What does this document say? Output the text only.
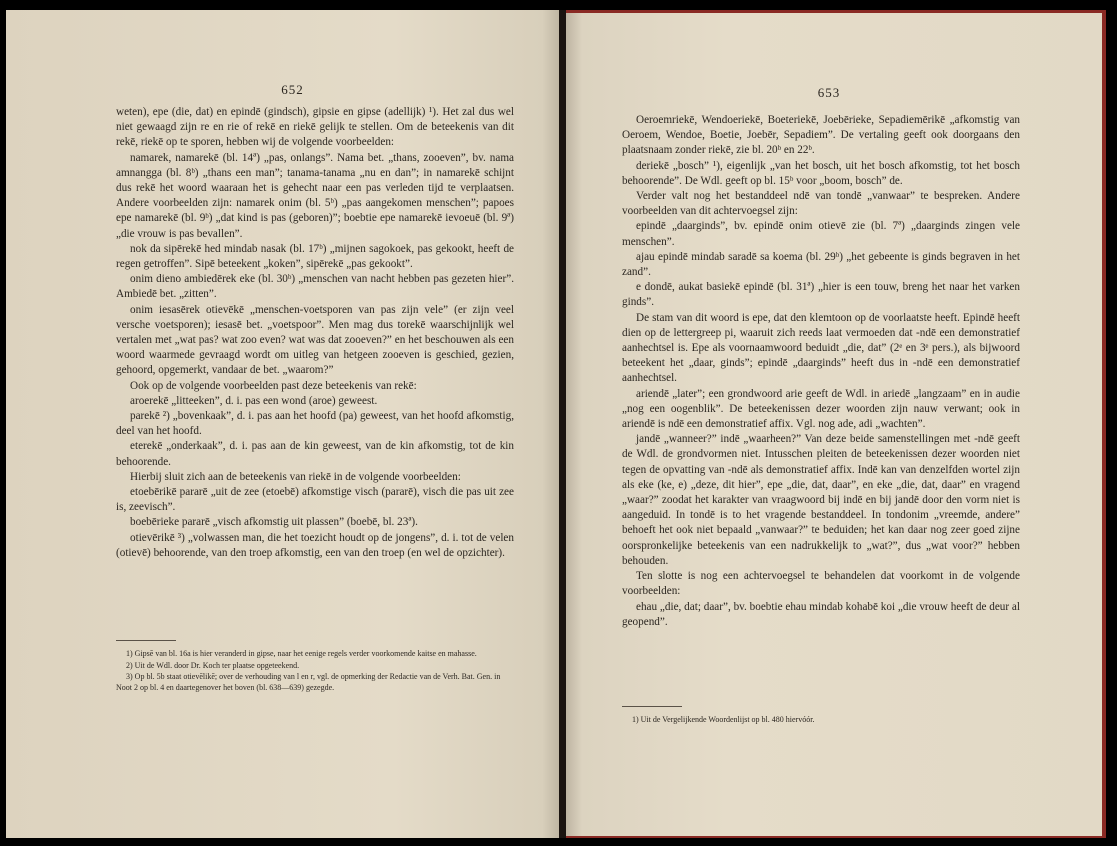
652

weten), epe (die, dat) en epindē (gindsch), gipsie en gipse (adellijk) ¹). Het zal dus wel niet gewaagd zijn re en rie of rekē en riekē gelijk te stellen. Om de beteekenis van dit rekē, riekē op te sporen, hebben wij de volgende voorbeelden:

namarek, namarekē (bl. 14ª) „pas, onlangs”. Nama bet. „thans, zooeven”, bv. nama amnangga (bl. 8ᵇ) „thans een man”; tanama-tanama „nu en dan”; in namarekē schijnt dus rekē het woord waaraan het is gehecht naar een pas verleden tijd te verplaatsen. Andere voorbeelden zijn: namarek onim (bl. 5ᵇ) „pas aangekomen menschen”; papoes epe namarekē (bl. 9ᵇ) „dat kind is pas (geboren)”; boebtie epe namarekē ievoeuē (bl. 9ª) „die vrouw is pas bevallen”.

nok da sipērekē hed mindab nasak (bl. 17ᵇ) „mijnen sagokoek, pas gekookt, heeft de regen getroffen”. Sipē beteekent „koken”, sipērekē „pas gekookt”.

onim dieno ambiedērek eke (bl. 30ᵇ) „menschen van nacht hebben pas gezeten hier”. Ambiedē bet. „zitten”.

onim iesasērek otievēkē „menschen-voetsporen van pas zijn vele” (er zijn veel versche voetsporen); iesasē bet. „voetspoor”. Men mag dus torekē waarschijnlijk wel vertalen met „wat pas? wat zoo even? wat was dat zooeven?” en het beschouwen als een woord waarmede gevraagd wordt om uitleg van hetgeen zooeven is geschied, gezien, gehoord, opgemerkt, vandaar de bet. „waarom?”

Ook op de volgende voorbeelden past deze beteekenis van rekē:

aroerekē „litteeken”, d. i. pas een wond (aroe) geweest.

parekē ²) „bovenkaak”, d. i. pas aan het hoofd (pa) geweest, van het hoofd afkomstig, deel van het hoofd.

eterekē „onderkaak”, d. i. pas aan de kin geweest, van de kin afkomstig, tot de kin behoorende.

Hierbij sluit zich aan de beteekenis van riekē in de volgende voorbeelden:

etoebērikē pararē „uit de zee (etoebē) afkomstige visch (pararē), visch die pas uit zee is, zeevisch”.

boebērieke pararē „visch afkomstig uit plassen” (boebē, bl. 23ª).

otievērikē ³) „volwassen man, die het toezicht houdt op de jongens”, d. i. tot de velen (otievē) behoorende, van den troep afkomstig, een van den troep (en wel de opzichter).

1) Gipsē van bl. 16a is hier veranderd in gipse, naar het eenige regels verder voorkomende kaitse en mahasse.

2) Uit de Wdl. door Dr. Koch ter plaatse opgeteekend.

3) Op bl. 5b staat otievēlikē; over de verhouding van l en r, vgl. de opmerking der Redactie van de Verh. Bat. Gen. in Noot 2 op bl. 4 en daartegenover het boven (bl. 638—639) gezegde.

653

Oeroemriekē, Wendoeriekē, Boeteriekē, Joebērieke, Sepadiemērikē „afkomstig van Oeroem, Wendoe, Boetie, Joebēr, Sepadiem”. De vertaling geeft ook doorgaans den plaatsnaam zonder riekē, zie bl. 20ᵇ en 22ᵇ.

deriekē „bosch” ¹), eigenlijk „van het bosch, uit het bosch afkomstig, tot het bosch behoorende”. De Wdl. geeft op bl. 15ᵇ voor „boom, bosch” de.

Verder valt nog het bestanddeel ndē van tondē „vanwaar” te bespreken. Andere voorbeelden van dit achtervoegsel zijn:

epindē „daarginds”, bv. epindē onim otievē zie (bl. 7ª) „daarginds zingen vele menschen”.

ajau epindē mindab saradē sa koema (bl. 29ᵇ) „het gebeente is ginds begraven in het zand”.

e dondē, aukat basiekē epindē (bl. 31ª) „hier is een touw, breng het naar het varken ginds”.

De stam van dit woord is epe, dat den klemtoon op de voorlaatste heeft. Epindē heeft dien op de lettergreep pi, waaruit zich reeds laat vermoeden dat -ndē een demonstratief aanhechtsel is. Epe als voornaamwoord beduidt „die, dat” (2ᵉ en 3ᵉ pers.), als bijwoord beteekent het „daar, ginds”; epindē „daarginds” heeft dus in -ndē een demonstratief aanhechtsel.

ariendē „later”; een grondwoord arie geeft de Wdl. in ariedē „langzaam” en in audie „nog een oogenblik”. De beteekenissen dezer woorden zijn nauw verwant; ook in ariendē is ndē een demonstratief affix. Vgl. nog ade, adi „wachten”.

jandē „wanneer?” indē „waarheen?” Van deze beide samenstellingen met -ndē geeft de Wdl. de grondvormen niet. Intusschen pleiten de beteekenissen dezer woorden niet tegen de opvatting van -ndē als demonstratief affix. Indē kan van denzelfden wortel zijn als eke (ke, e) „deze, dit hier”, epe „die, dat, daar”, en eke „die, dat, daar” en vragend „waar?” zoodat het karakter van vraagwoord bij indē en bij jandē door den vorm niet is aangeduid. In tondē is to het vragende bestanddeel. In tondonim „vreemde, andere” behoeft het ook niet bepaald „vanwaar?” te beduiden; het kan daar nog zeer goed zijne oorspronkelijke beteekenis van een nadrukkelijk to „wat?”, dus „wat voor?” hebben behouden.

Ten slotte is nog een achtervoegsel te behandelen dat voorkomt in de volgende voorbeelden:

ehau „die, dat; daar”, bv. boebtie ehau mindab kohabē koi „die vrouw heeft de deur al geopend”.

1) Uit de Vergelijkende Woordenlijst op bl. 480 hiervóór.
